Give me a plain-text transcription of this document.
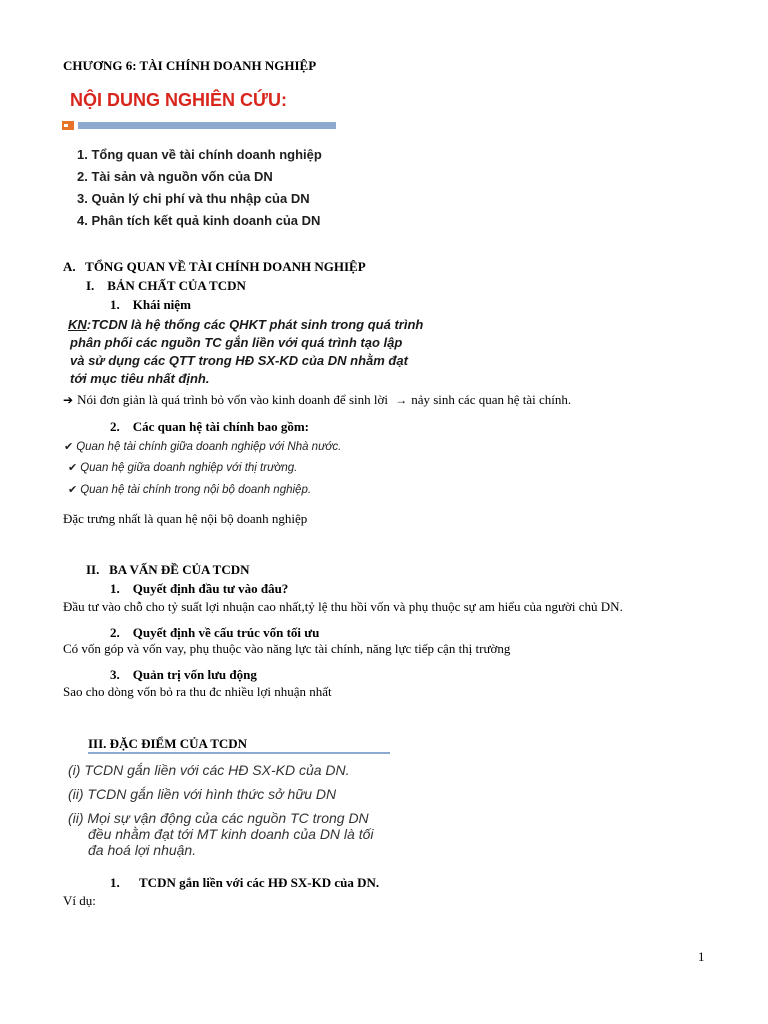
CHƯƠNG 6: TÀI CHÍNH DOANH NGHIỆP
NỘI DUNG NGHIÊN CỨU:
1. Tổng quan về tài chính doanh nghiệp
2. Tài sản và nguồn vốn của DN
3. Quản lý chi phí và thu nhập của DN
4. Phân tích kết quả kinh doanh của DN
A.   TỔNG QUAN VỀ TÀI CHÍNH DOANH NGHIỆP
I.    BẢN CHẤT CỦA TCDN
1.    Khái niệm
KN:TCDN là hệ thống các QHKT phát sinh trong quá trình
phân phối các nguồn TC gắn liền với quá trình tạo lập
và sử dụng các QTT trong HĐ SX-KD của DN nhằm đạt
tới mục tiêu nhất định.
➔ Nói đơn giản là quá trình bỏ vốn vào kinh doanh để sinh lời → nảy sinh các quan hệ tài chính.
2.    Các quan hệ tài chính bao gồm:
✔ Quan hệ tài chính giữa doanh nghiệp với Nhà nước.
✔ Quan hệ giữa doanh nghiệp với thị trường.
✔ Quan hệ tài chính trong nội bộ doanh nghiệp.
Đặc trưng nhất là quan hệ nội bộ doanh nghiệp
II.   BA VẤN ĐỀ CỦA TCDN
1.    Quyết định đầu tư vào đâu?
Đầu tư vào chỗ cho tỷ suất lợi nhuận cao nhất,tỷ lệ thu hồi vốn và phụ thuộc sự am hiểu của người chủ DN.
2.    Quyết định về cấu trúc vốn tối ưu
Có vốn góp và vốn vay, phụ thuộc vào năng lực tài chính, năng lực tiếp cận thị trường
3.    Quản trị vốn lưu động
Sao cho dòng vốn bỏ ra thu đc nhiều lợi nhuận nhất
III. ĐẶC ĐIỂM CỦA TCDN
(i) TCDN gắn liền với các HĐ SX-KD của DN.
(ii) TCDN gắn liền với hình thức sở hữu DN
(ii) Mọi sự vận động của các nguồn TC trong DN
đều nhằm đạt tới MT kinh doanh của DN là tối
đa hoá lợi nhuận.
1.      TCDN gắn liền với các HĐ SX-KD của DN.
Ví dụ:
1
